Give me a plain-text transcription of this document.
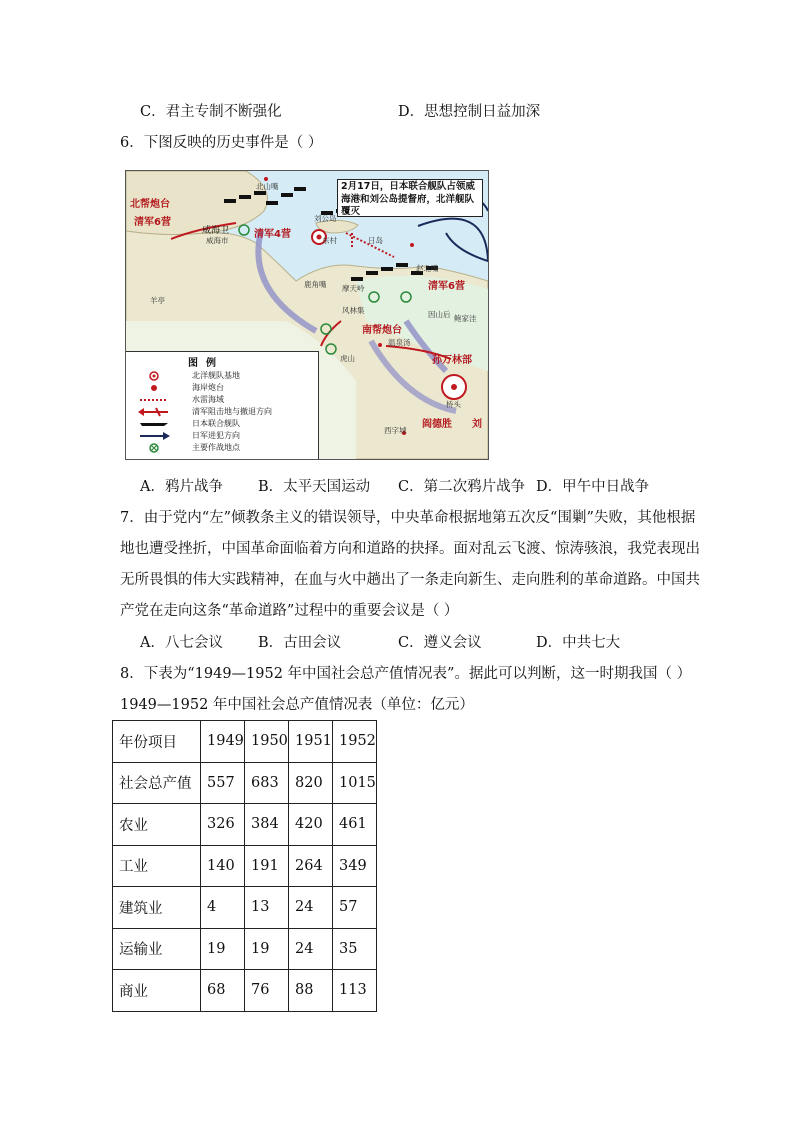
C．君主专制不断强化	D．思想控制日益加深
6．下图反映的历史事件是（ ）
2月17日，日本联合舰队占领威海港和刘公岛提督府，北洋舰队覆灭
北帮炮台
清军6营
威海卫
威海市
清军4营
北山嘴
刘公岛
东村	日岛
赵北嘴
清军6营
鹿角嘴 摩天岭
羊亭
风林集
南帮炮台
因山后 鲍家洼
温泉汤
孙万林部
虎山
桥头
阎德胜 刘
西字城
图例
北洋舰队基地
海岸炮台
水雷海域
清军阻击地与撤退方向
日本联合舰队
日军进犯方向
主要作战地点
A．鸦片战争 B．太平天国运动 C．第二次鸦片战争 D．甲午中日战争
7．由于党内“左”倾教条主义的错误领导，中央革命根据地第五次反“围剿”失败，其他根据
地也遭受挫折，中国革命面临着方向和道路的抉择。面对乱云飞渡、惊涛骇浪，我党表现出
无所畏惧的伟大实践精神，在血与火中趟出了一条走向新生、走向胜利的革命道路。中国共
产党在走向这条“革命道路”过程中的重要会议是（ ）
A．八七会议 B．古田会议	C．遵义会议	D．中共七大
8．下表为“1949—1952 年中国社会总产值情况表”。据此可以判断，这一时期我国（ ）
1949—1952 年中国社会总产值情况表（单位：亿元）
年份项目	1949	1950	1951	1952
社会总产值	557	683	820	1015
农业	326	384	420	461
工业	140	191	264	349
建筑业	4	13	24	57
运输业	19	19	24	35
商业	68	76	88	113
